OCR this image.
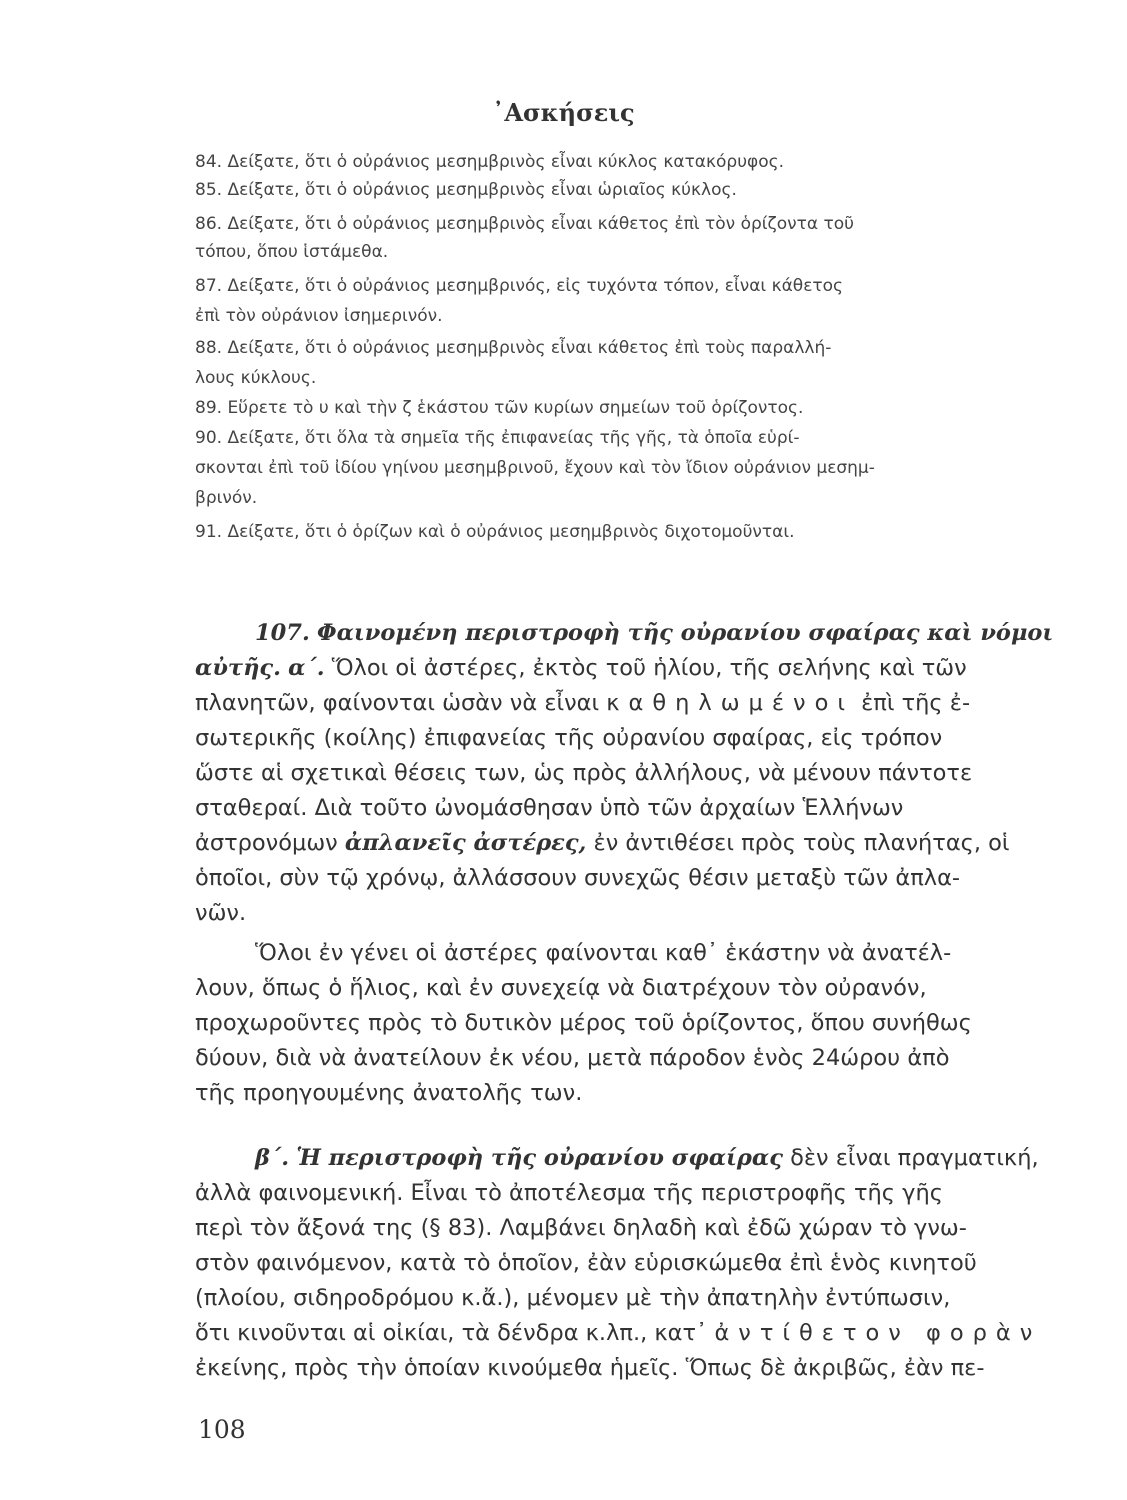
᾿Ασκήσεις

84. Δείξατε, ὅτι ὁ οὐράνιος μεσημβρινὸς εἶναι κύκλος κατακόρυφος.

85. Δείξατε, ὅτι ὁ οὐράνιος μεσημβρινὸς εἶναι ὡριαῖος κύκλος.

86. Δείξατε, ὅτι ὁ οὐράνιος μεσημβρινὸς εἶναι κάθετος ἐπὶ τὸν ὁρίζοντα τοῦ

τόπου, ὅπου ἱστάμεθα.

87. Δείξατε, ὅτι ὁ οὐράνιος μεσημβρινός, εἰς τυχόντα τόπον, εἶναι κάθετος

ἐπὶ τὸν οὐράνιον ἰσημερινόν.

88. Δείξατε, ὅτι ὁ οὐράνιος μεσημβρινὸς εἶναι κάθετος ἐπὶ τοὺς παραλλή-

λους κύκλους.

89. Εὕρετε τὸ υ καὶ τὴν ζ ἑκάστου τῶν κυρίων σημείων τοῦ ὁρίζοντος.

90. Δείξατε, ὅτι ὅλα τὰ σημεῖα τῆς ἐπιφανείας τῆς γῆς, τὰ ὁποῖα εὑρί-

σκονται ἐπὶ τοῦ ἰδίου γηίνου μεσημβρινοῦ, ἔχουν καὶ τὸν ἴδιον οὐράνιον μεσημ-

βρινόν.

91. Δείξατε, ὅτι ὁ ὁρίζων καὶ ὁ οὐράνιος μεσημβρινὸς διχοτομοῦνται.

107. Φαινομένη περιστροφὴ τῆς οὐρανίου σφαίρας καὶ νόμοι

αὐτῆς. α΄. Ὅλοι οἱ ἀστέρες, ἐκτὸς τοῦ ἡλίου, τῆς σελήνης καὶ τῶν

πλανητῶν, φαίνονται ὡσὰν νὰ εἶναι καθηλωμένοι ἐπὶ τῆς ἐ-

σωτερικῆς (κοίλης) ἐπιφανείας τῆς οὐρανίου σφαίρας, εἰς τρόπον

ὥστε αἱ σχετικαὶ θέσεις των, ὡς πρὸς ἀλλήλους, νὰ μένουν πάντοτε

σταθεραί. Διὰ τοῦτο ὠνομάσθησαν ὑπὸ τῶν ἀρχαίων Ἑλλήνων

ἀστρονόμων ἀπλανεῖς ἀστέρες, ἐν ἀντιθέσει πρὸς τοὺς πλανήτας, οἱ

ὁποῖοι, σὺν τῷ χρόνῳ, ἀλλάσσουν συνεχῶς θέσιν μεταξὺ τῶν ἀπλα-

νῶν.

Ὅλοι ἐν γένει οἱ ἀστέρες φαίνονται καθ᾽ ἑκάστην νὰ ἀνατέλ-

λουν, ὅπως ὁ ἥλιος, καὶ ἐν συνεχείᾳ νὰ διατρέχουν τὸν οὐρανόν,

προχωροῦντες πρὸς τὸ δυτικὸν μέρος τοῦ ὁρίζοντος, ὅπου συνήθως

δύουν, διὰ νὰ ἀνατείλουν ἐκ νέου, μετὰ πάροδον ἑνὸς 24ώρου ἀπὸ

τῆς προηγουμένης ἀνατολῆς των.

β΄. Ἡ περιστροφὴ τῆς οὐρανίου σφαίρας δὲν εἶναι πραγματική,

ἀλλὰ φαινομενική. Εἶναι τὸ ἀποτέλεσμα τῆς περιστροφῆς τῆς γῆς

περὶ τὸν ἄξονά της (§ 83). Λαμβάνει δηλαδὴ καὶ ἐδῶ χώραν τὸ γνω-

στὸν φαινόμενον, κατὰ τὸ ὁποῖον, ἐὰν εὑρισκώμεθα ἐπὶ ἑνὸς κινητοῦ

(πλοίου, σιδηροδρόμου κ.ἄ.), μένομεν μὲ τὴν ἀπατηλὴν ἐντύπωσιν,

ὅτι κινοῦνται αἱ οἰκίαι, τὰ δένδρα κ.λπ., κατ᾽ ἀντίθετον φορὰν

ἐκείνης, πρὸς τὴν ὁποίαν κινούμεθα ἡμεῖς. Ὅπως δὲ ἀκριβῶς, ἐὰν πε-

108
